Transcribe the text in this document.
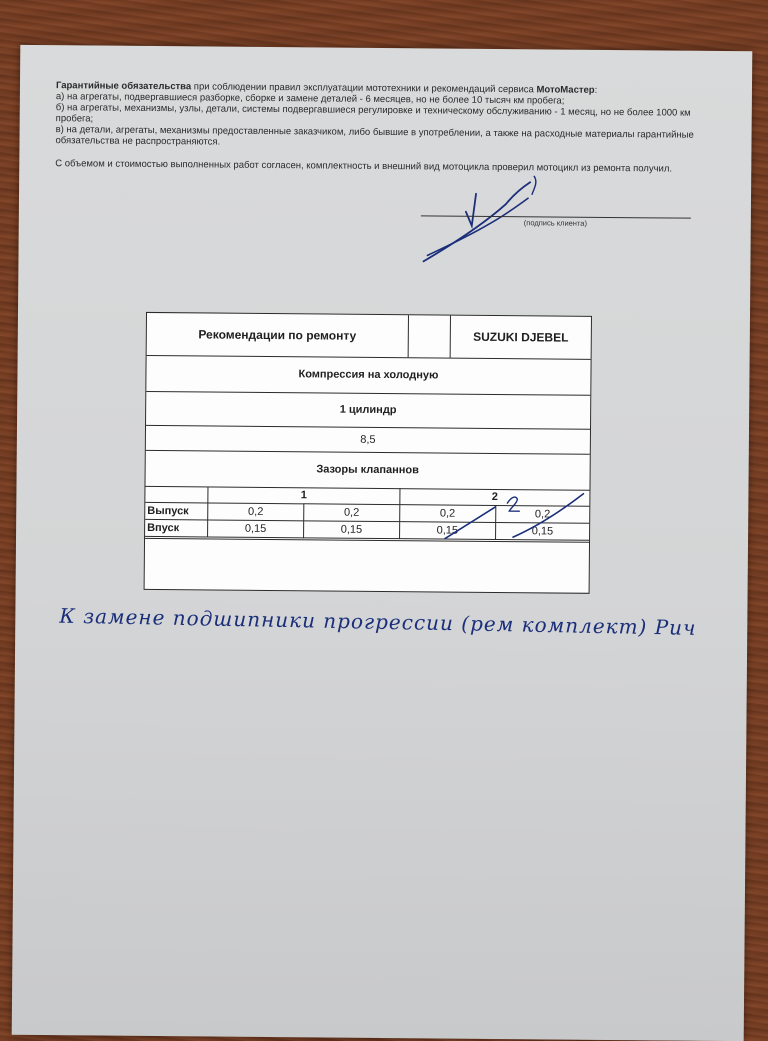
Гарантийные обязательства при соблюдении правил эксплуатации мототехники и рекомендаций сервиса МотоМастер:

а) на агрегаты, подвергавшиеся разборке, сборке и замене деталей - 6 месяцев, но не более 10 тысяч км пробега;

б) на агрегаты, механизмы, узлы, детали, системы подвергавшиеся регулировке и техническому обслуживанию - 1 месяц, но не более 1000 км пробега;

в) на детали, агрегаты, механизмы предоставленные заказчиком, либо бывшие в употреблении, а также на расходные материалы гарантийные обязательства не распространяются.

С объемом и стоимостью выполненных работ согласен, комплектность и внешний вид мотоцикла проверил мотоцикл из ремонта получил.

(подпись клиента)
Рекомендации по ремонту	SUZUKI DJEBEL
Компрессия на холодную
1 цилиндр
8,5
Зазоры клапаннов
	1		2	
Выпуск	0,2	0,2	0,2	0,2
Впуск	0,15	0,15	0,15	0,15
К замене подшипники прогрессии (рем комплект) Рич
